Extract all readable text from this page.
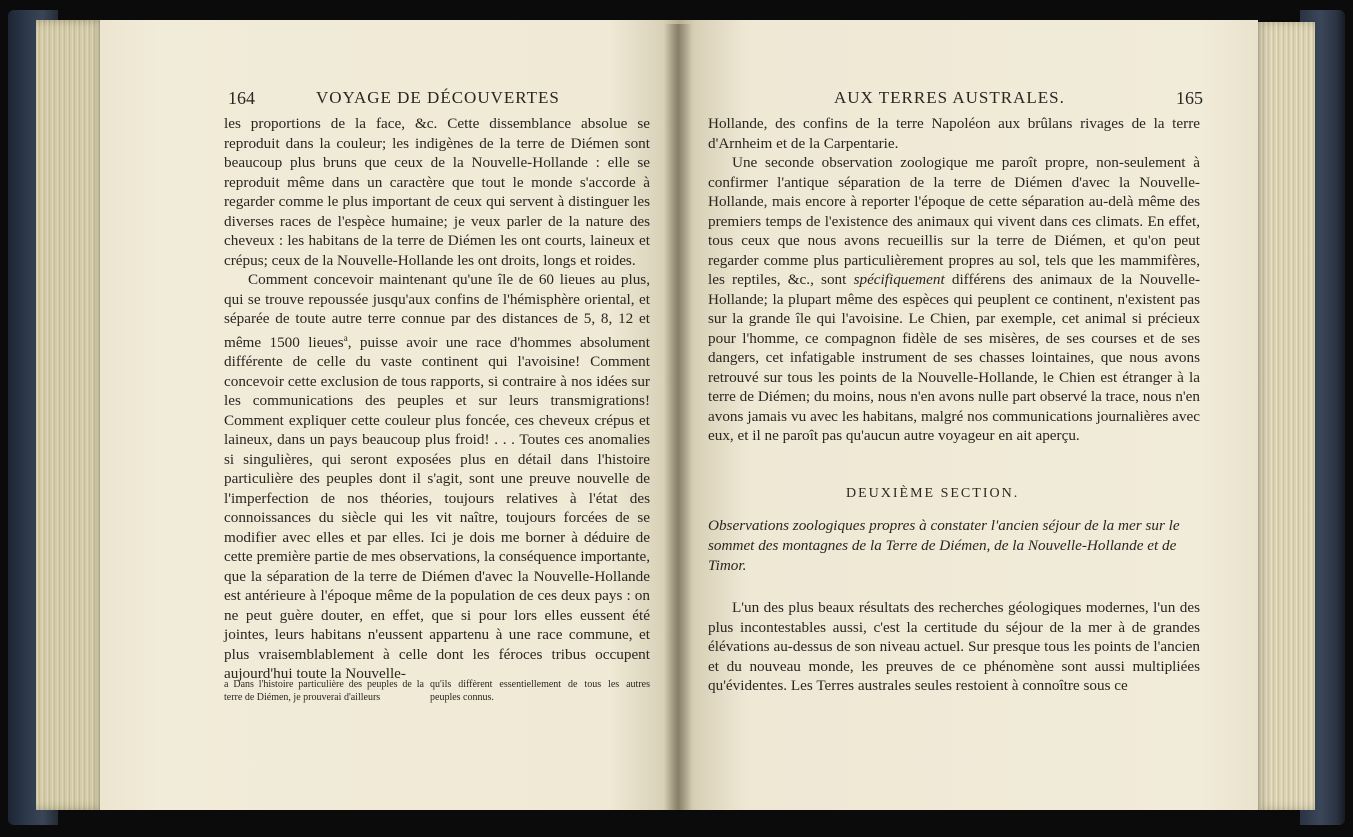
164	VOYAGE DE DÉCOUVERTES

les proportions de la face, &c. Cette dissemblance absolue se reproduit dans la couleur; les indigènes de la terre de Diémen sont beaucoup plus bruns que ceux de la Nouvelle-Hollande : elle se reproduit même dans un caractère que tout le monde s'accorde à regarder comme le plus important de ceux qui servent à distinguer les diverses races de l'espèce humaine; je veux parler de la nature des cheveux : les habitans de la terre de Diémen les ont courts, laineux et crépus; ceux de la Nouvelle-Hollande les ont droits, longs et roides.

Comment concevoir maintenant qu'une île de 60 lieues au plus, qui se trouve repoussée jusqu'aux confins de l'hémisphère oriental, et séparée de toute autre terre connue par des distances de 5, 8, 12 et même 1500 lieues$^a$, puisse avoir une race d'hommes absolument différente de celle du vaste continent qui l'avoisine! Comment concevoir cette exclusion de tous rapports, si contraire à nos idées sur les communications des peuples et sur leurs transmigrations! Comment expliquer cette couleur plus foncée, ces cheveux crépus et laineux, dans un pays beaucoup plus froid! . . . Toutes ces anomalies si singulières, qui seront exposées plus en détail dans l'histoire particulière des peuples dont il s'agit, sont une preuve nouvelle de l'imperfection de nos théories, toujours relatives à l'état des connoissances du siècle qui les vit naître, toujours forcées de se modifier avec elles et par elles. Ici je dois me borner à déduire de cette première partie de mes observations, la conséquence importante, que la séparation de la terre de Diémen d'avec la Nouvelle-Hollande est antérieure à l'époque même de la population de ces deux pays : on ne peut guère douter, en effet, que si pour lors elles eussent été jointes, leurs habitans n'eussent appartenu à une race commune, et plus vraisemblablement à celle dont les féroces tribus occupent aujourd'hui toute la Nouvelle-

a Dans l'histoire particulière des peuples de la terre de Diémen, je prouverai d'ailleurs
qu'ils diffèrent essentiellement de tous les autres peuples connus.
AUX TERRES AUSTRALES.	165

Hollande, des confins de la terre Napoléon aux brûlans rivages de la terre d'Arnheim et de la Carpentarie.

Une seconde observation zoologique me paroît propre, non-seulement à confirmer l'antique séparation de la terre de Diémen d'avec la Nouvelle-Hollande, mais encore à reporter l'époque de cette séparation au-delà même des premiers temps de l'existence des animaux qui vivent dans ces climats. En effet, tous ceux que nous avons recueillis sur la terre de Diémen, et qu'on peut regarder comme plus particulièrement propres au sol, tels que les mammifères, les reptiles, &c., sont spécifiquement différens des animaux de la Nouvelle-Hollande; la plupart même des espèces qui peuplent ce continent, n'existent pas sur la grande île qui l'avoisine. Le Chien, par exemple, cet animal si précieux pour l'homme, ce compagnon fidèle de ses misères, de ses courses et de ses dangers, cet infatigable instrument de ses chasses lointaines, que nous avons retrouvé sur tous les points de la Nouvelle-Hollande, le Chien est étranger à la terre de Diémen; du moins, nous n'en avons nulle part observé la trace, nous n'en avons jamais vu avec les habitans, malgré nos communications journalières avec eux, et il ne paroît pas qu'aucun autre voyageur en ait aperçu.

DEUXIÈME SECTION.
Observations zoologiques propres à constater l'ancien séjour de la mer sur le sommet des montagnes de la Terre de Diémen, de la Nouvelle-Hollande et de Timor.

L'un des plus beaux résultats des recherches géologiques modernes, l'un des plus incontestables aussi, c'est la certitude du séjour de la mer à de grandes élévations au-dessus de son niveau actuel. Sur presque tous les points de l'ancien et du nouveau monde, les preuves de ce phénomène sont aussi multipliées qu'évidentes. Les Terres australes seules restoient à connoître sous ce
